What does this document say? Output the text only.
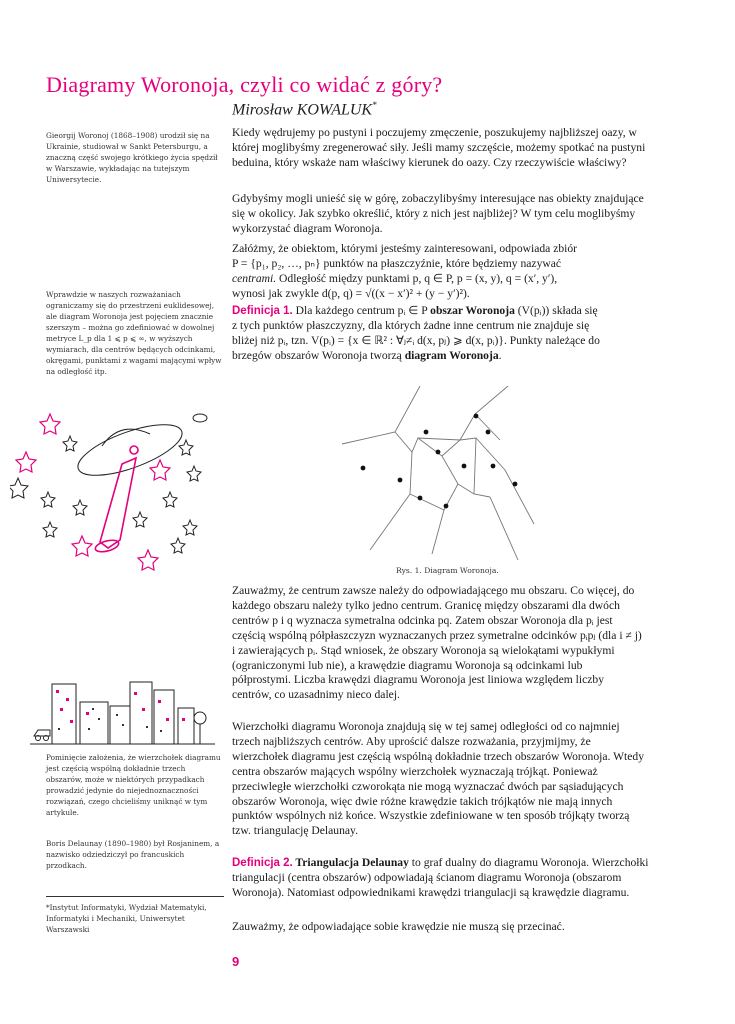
Diagramy Woronoja, czyli co widać z góry?
Mirosław KOWALUK*
Gieorgij Woronoj (1868–1908) urodził się na Ukrainie, studiował w Sankt Petersburgu, a znaczną część swojego krótkiego życia spędził w Warszawie, wykładając na tutejszym Uniwersytecie.
Wprawdzie w naszych rozważaniach ograniczamy się do przestrzeni euklidesowej, ale diagram Woronoja jest pojęciem znacznie szerszym – można go zdefiniować w dowolnej metryce L_p dla 1 ⩽ p ⩽ ∞, w wyższych wymiarach, dla centrów będących odcinkami, okręgami, punktami z wagami mającymi wpływ na odległość itp.
Pominięcie założenia, że wierzchołek diagramu jest częścią wspólną dokładnie trzech obszarów, może w niektórych przypadkach prowadzić jedynie do niejednoznaczności rozwiązań, czego chcieliśmy uniknąć w tym artykule.
Boris Delaunay (1890–1980) był Rosjaninem, a nazwisko odziedziczył po francuskich przodkach.
*Instytut Informatyki, Wydział Matematyki, Informatyki i Mechaniki, Uniwersytet Warszawski

Kiedy wędrujemy po pustyni i poczujemy zmęczenie, poszukujemy najbliższej oazy, w której moglibyśmy zregenerować siły. Jeśli mamy szczęście, możemy spotkać na pustyni beduina, który wskaże nam właściwy kierunek do oazy. Czy rzeczywiście właściwy?

Gdybyśmy mogli unieść się w górę, zobaczylibyśmy interesujące nas obiekty znajdujące się w okolicy. Jak szybko określić, który z nich jest najbliżej? W tym celu moglibyśmy wykorzystać diagram Woronoja.

Załóżmy, że obiektom, którymi jesteśmy zainteresowani, odpowiada zbiór

P = {p₁, p₂, …, pₙ} punktów na płaszczyźnie, które będziemy nazywać

centrami. Odległość między punktami p, q ∈ P, p = (x, y), q = (x′, y′),

wynosi jak zwykle d(p, q) = √((x − x′)² + (y − y′)²).

Definicja 1. Dla każdego centrum pᵢ ∈ P obszar Woronoja (V(pᵢ)) składa się

z tych punktów płaszczyzny, dla których żadne inne centrum nie znajduje się

bliżej niż pᵢ, tzn. V(pᵢ) = {x ∈ ℝ² : ∀ⱼ≠ᵢ d(x, pⱼ) ⩾ d(x, pᵢ)}. Punkty należące do

brzegów obszarów Woronoja tworzą diagram Woronoja.

Rys. 1. Diagram Woronoja.

Zauważmy, że centrum zawsze należy do odpowiadającego mu obszaru. Co więcej, do każdego obszaru należy tylko jedno centrum. Granicę między obszarami dla dwóch centrów p i q wyznacza symetralna odcinka pq. Zatem obszar Woronoja dla pᵢ jest częścią wspólną półpłaszczyzn wyznaczanych przez symetralne odcinków pᵢpⱼ (dla i ≠ j) i zawierających pᵢ. Stąd wniosek, że obszary Woronoja są wielokątami wypukłymi (ograniczonymi lub nie), a krawędzie diagramu Woronoja są odcinkami lub półprostymi. Liczba krawędzi diagramu Woronoja jest liniowa względem liczby centrów, co uzasadnimy nieco dalej.

Wierzchołki diagramu Woronoja znajdują się w tej samej odległości od co najmniej trzech najbliższych centrów. Aby uprościć dalsze rozważania, przyjmijmy, że wierzchołek diagramu jest częścią wspólną dokładnie trzech obszarów Woronoja. Wtedy centra obszarów mających wspólny wierzchołek wyznaczają trójkąt. Ponieważ przeciwległe wierzchołki czworokąta nie mogą wyznaczać dwóch par sąsiadujących obszarów Woronoja, więc dwie różne krawędzie takich trójkątów nie mają innych punktów wspólnych niż końce. Wszystkie zdefiniowane w ten sposób trójkąty tworzą tzw. triangulację Delaunay.

Definicja 2. Triangulacja Delaunay to graf dualny do diagramu Woronoja. Wierzchołki triangulacji (centra obszarów) odpowiadają ścianom diagramu Woronoja (obszarom Woronoja). Natomiast odpowiednikami krawędzi triangulacji są krawędzie diagramu.

Zauważmy, że odpowiadające sobie krawędzie nie muszą się przecinać.

9
